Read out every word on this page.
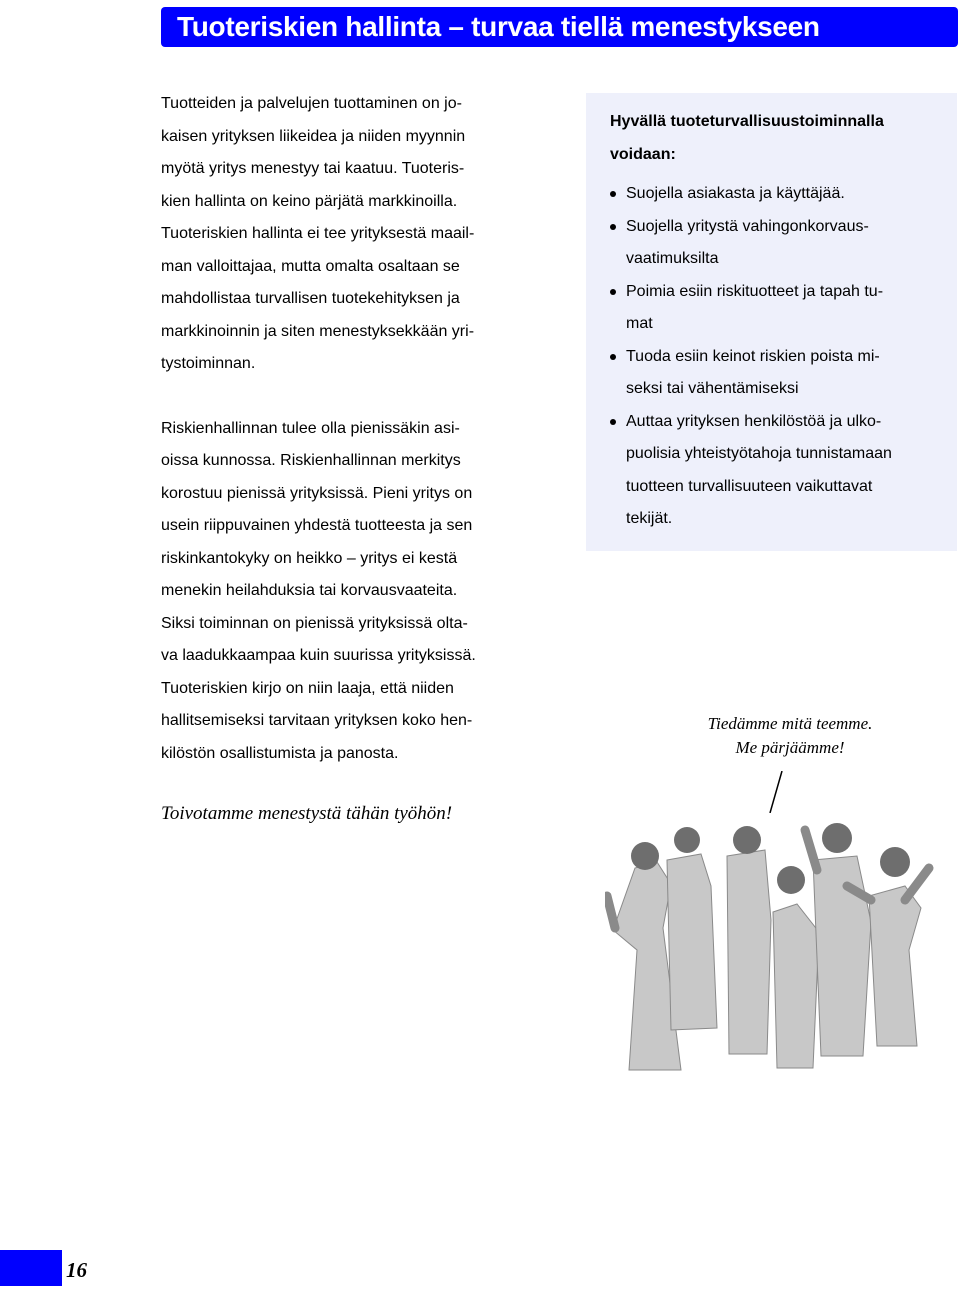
Tuoteriskien hallinta – turvaa tiellä menestykseen

Tuotteiden ja palvelujen tuottaminen on jo-
kaisen yrityksen liikeidea ja niiden myynnin
myötä yritys menestyy tai kaatuu. Tuoteris-
kien hallinta on keino pärjätä markkinoilla.
Tuoteriskien hallinta ei tee yrityksestä maail-
man valloittajaa, mutta omalta osaltaan se
mahdollistaa turvallisen tuotekehityksen ja
markkinoinnin ja siten menestyksekkään yri-
tystoiminnan.

Riskienhallinnan tulee olla pienissäkin asi-
oissa kunnossa. Riskienhallinnan merkitys
korostuu pienissä yrityksissä. Pieni yritys on
usein riippuvainen yhdestä tuotteesta ja sen
riskinkantokyky on heikko – yritys ei kestä
menekin heilahduksia tai korvausvaateita.
Siksi toiminnan on pienissä yrityksissä olta-
va laadukkaampaa kuin suurissa yrityksissä.
Tuoteriskien kirjo on niin laaja, että niiden
hallitsemiseksi tarvitaan yrityksen koko hen-
kilöstön osallistumista ja panosta.

Toivotamme menestystä tähän työhön!
Hyvällä tuoteturvallisuustoiminnalla
voidaan:
Suojella asiakasta ja käyttäjää.
Suojella yritystä vahingonkorvaus-
vaatimuksilta
Poimia esiin riskituotteet ja tapah tu-
mat
Tuoda esiin keinot riskien poista mi-
seksi tai vähentämiseksi
Auttaa yrityksen henkilöstöä ja ulko-
puolisia yhteistyötahoja tunnistamaan
tuotteen turvallisuuteen vaikuttavat
tekijät.
Tiedämme mitä teemme.
Me pärjäämme!
16
